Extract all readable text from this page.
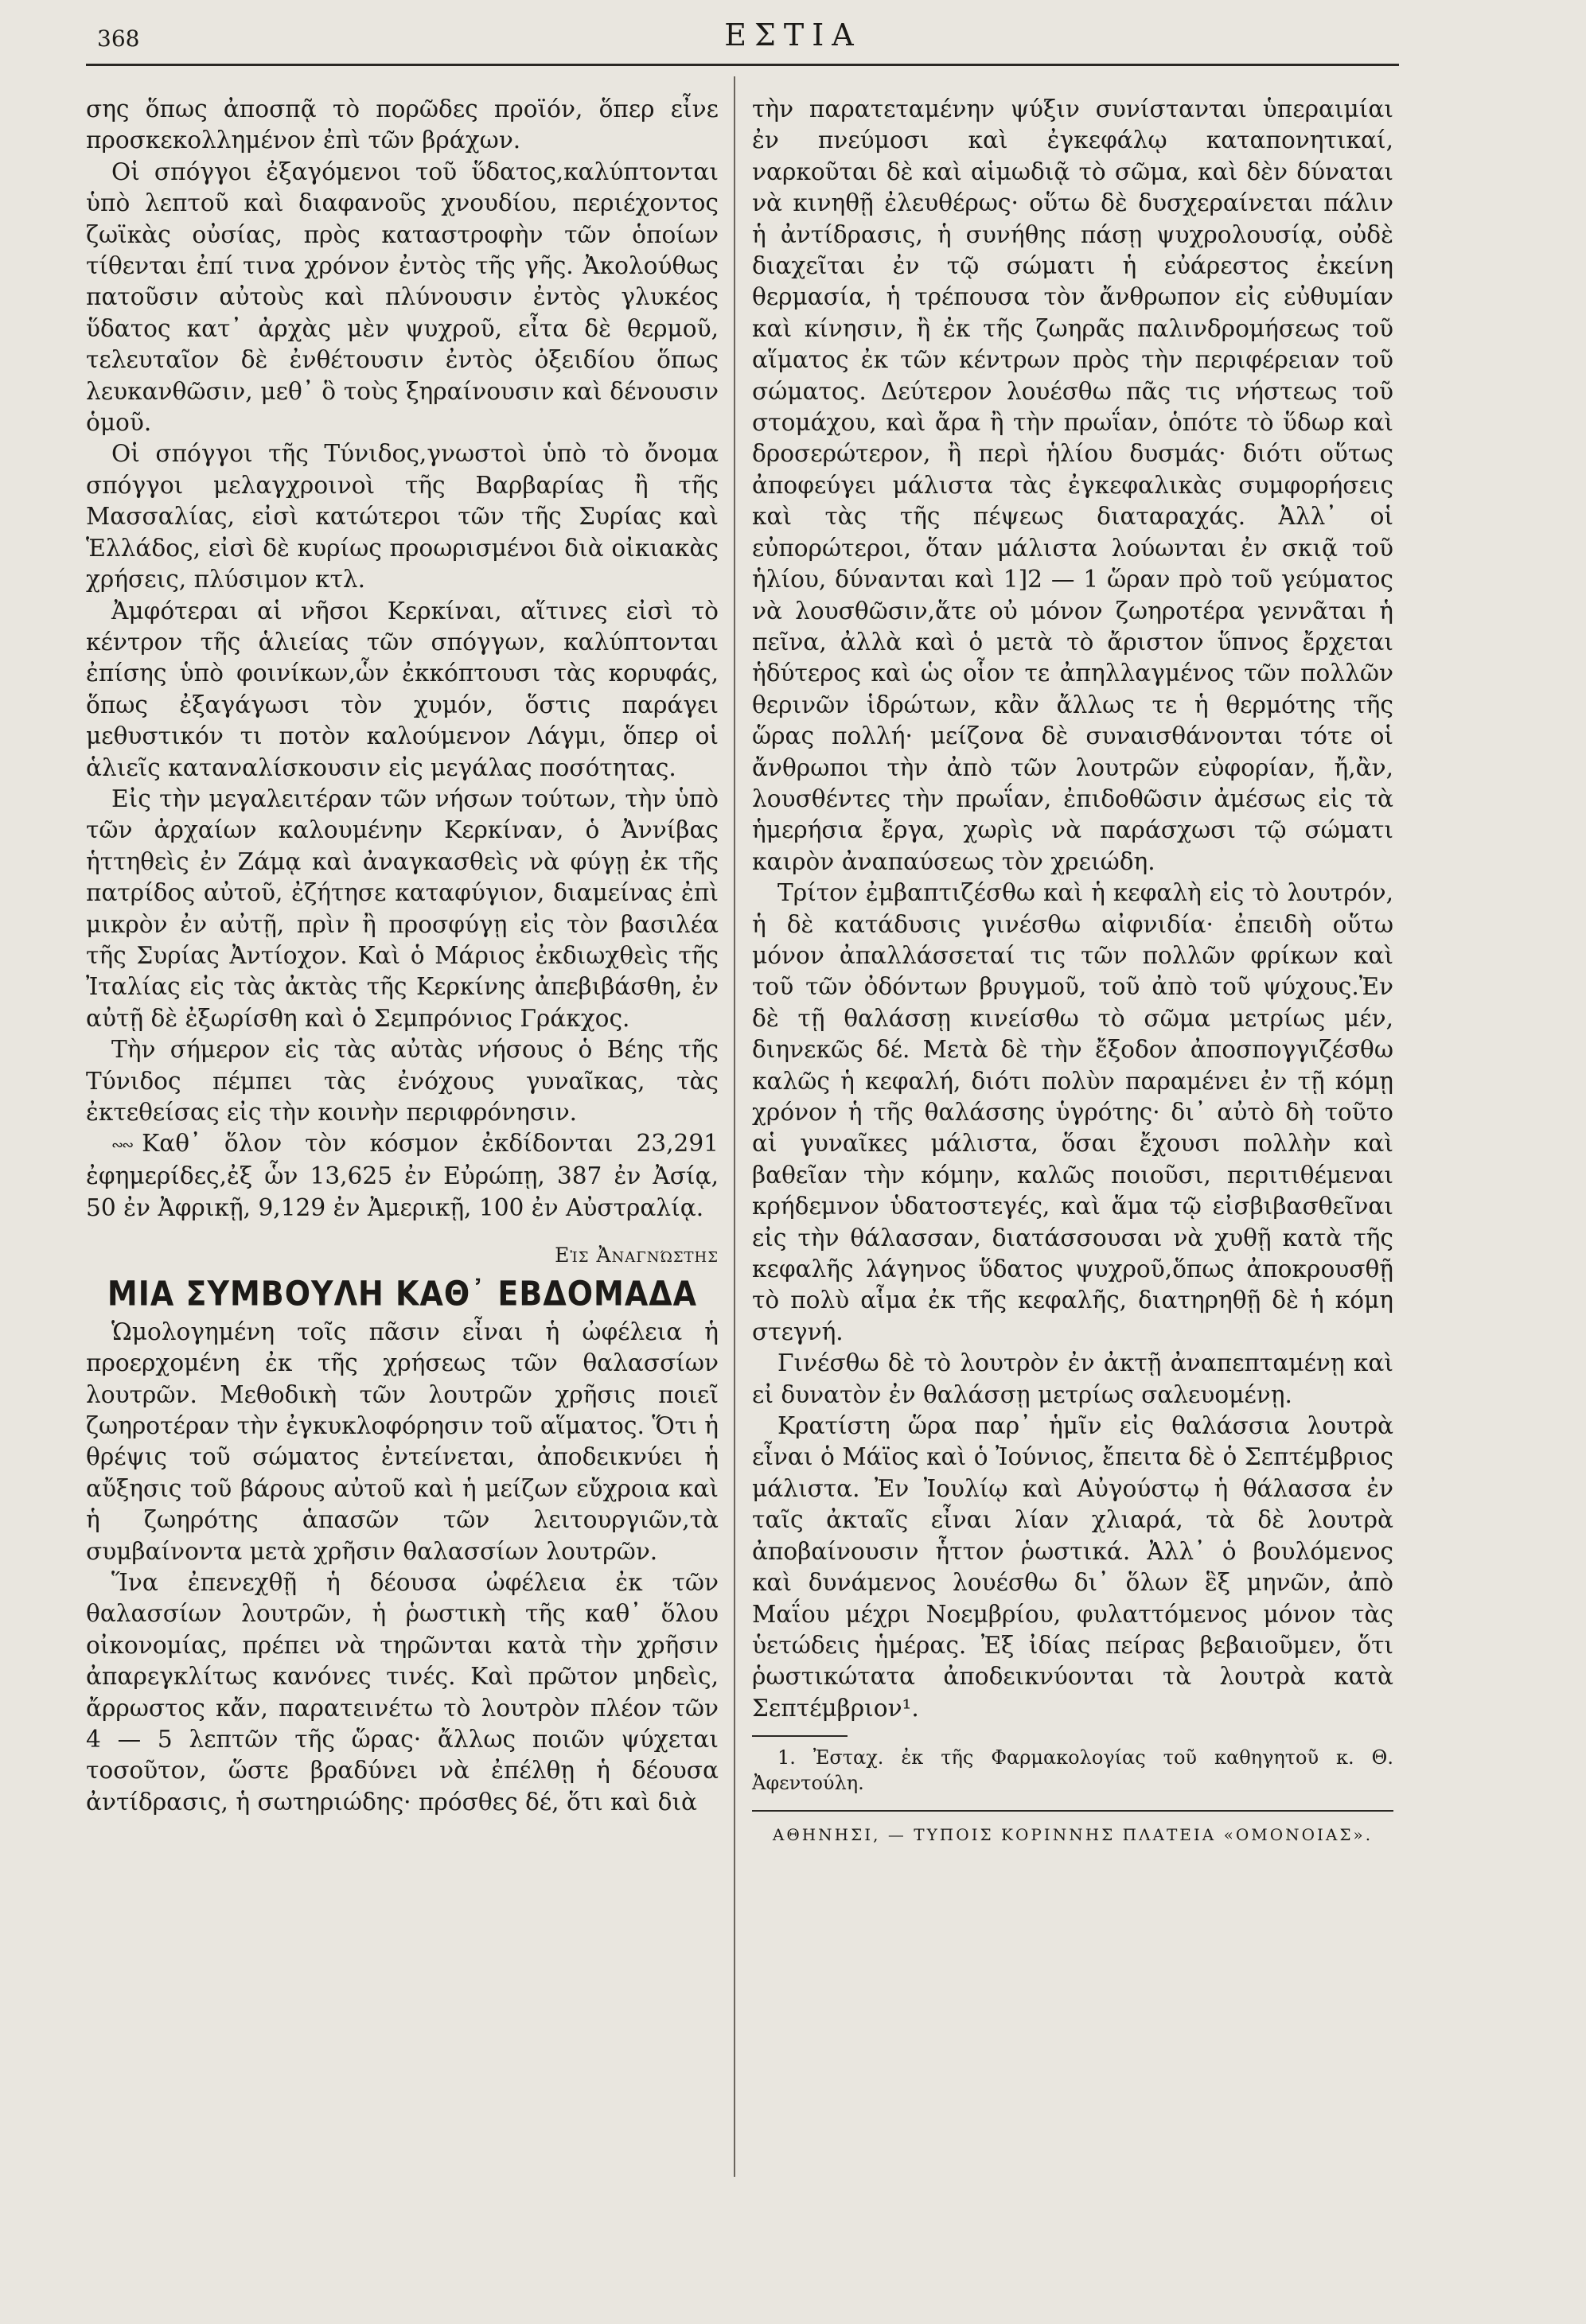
368	ΕΣΤΙΑ

σης ὅπως ἀποσπᾷ τὸ πορῶδες προϊόν, ὅπερ εἶνε προσκεκολλημένον ἐπὶ τῶν βράχων.

Οἱ σπόγγοι ἐξαγόμενοι τοῦ ὕδατος,καλύπτονται ὑπὸ λεπτοῦ καὶ διαφανοῦς χνουδίου, περιέχοντος ζωϊκὰς οὐσίας, πρὸς καταστροφὴν τῶν ὁποίων τίθενται ἐπί τινα χρόνον ἐντὸς τῆς γῆς. Ἀκολούθως πατοῦσιν αὐτοὺς καὶ πλύνουσιν ἐντὸς γλυκέος ὕδατος κατ᾽ ἀρχὰς μὲν ψυχροῦ, εἶτα δὲ θερμοῦ, τελευταῖον δὲ ἐνθέτουσιν ἐντὸς ὀξειδίου ὅπως λευκανθῶσιν, μεθ᾽ ὃ τοὺς ξηραίνουσιν καὶ δένουσιν ὁμοῦ.

Οἱ σπόγγοι τῆς Τύνιδος,γνωστοὶ ὑπὸ τὸ ὄνομα σπόγγοι μελαγχροινοὶ τῆς Βαρβαρίας ἢ τῆς Μασσαλίας, εἰσὶ κατώτεροι τῶν τῆς Συρίας καὶ Ἑλλάδος, εἰσὶ δὲ κυρίως προωρισμένοι διὰ οἰκιακὰς χρήσεις, πλύσιμον κτλ.

Ἀμφότεραι αἱ νῆσοι Κερκίναι, αἵτινες εἰσὶ τὸ κέντρον τῆς ἁλιείας τῶν σπόγγων, καλύπτονται ἐπίσης ὑπὸ φοινίκων,ὧν ἐκκόπτουσι τὰς κορυφάς, ὅπως ἐξαγάγωσι τὸν χυμόν, ὅστις παράγει μεθυστικόν τι ποτὸν καλούμενον Λάγμι, ὅπερ οἱ ἁλιεῖς καταναλίσκουσιν εἰς μεγάλας ποσότητας.

Εἰς τὴν μεγαλειτέραν τῶν νήσων τούτων, τὴν ὑπὸ τῶν ἀρχαίων καλουμένην Κερκίναν, ὁ Ἀννίβας ἡττηθεὶς ἐν Ζάμᾳ καὶ ἀναγκασθεὶς νὰ φύγῃ ἐκ τῆς πατρίδος αὐτοῦ, ἐζήτησε καταφύγιον, διαμείνας ἐπὶ μικρὸν ἐν αὐτῇ, πρὶν ἢ προσφύγῃ εἰς τὸν βασιλέα τῆς Συρίας Ἀντίοχον. Καὶ ὁ Μάριος ἐκδιωχθεὶς τῆς Ἰταλίας εἰς τὰς ἀκτὰς τῆς Κερκίνης ἀπεβιβάσθη, ἐν αὐτῇ δὲ ἐξωρίσθη καὶ ὁ Σεμπρόνιος Γράκχος.

Τὴν σήμερον εἰς τὰς αὐτὰς νήσους ὁ Βέης τῆς Τύνιδος πέμπει τὰς ἐνόχους γυναῖκας, τὰς ἐκτεθείσας εἰς τὴν κοινὴν περιφρόνησιν.

∾∾ Καθ᾽ ὅλον τὸν κόσμον ἐκδίδονται 23,291 ἐφημερίδες,ἐξ ὧν 13,625 ἐν Εὐρώπῃ, 387 ἐν Ἀσίᾳ, 50 ἐν Ἀφρικῇ, 9,129 ἐν Ἀμερικῇ, 100 ἐν Αὐστραλίᾳ.

Εἰς Ἀναγνώστης
ΜΙΑ ΣΥΜΒΟΥΛΗ ΚΑΘ᾽ ΕΒΔΟΜΑΔΑ

Ὡμολογημένη τοῖς πᾶσιν εἶναι ἡ ὠφέλεια ἡ προερχομένη ἐκ τῆς χρήσεως τῶν θαλασσίων λουτρῶν. Μεθοδικὴ τῶν λουτρῶν χρῆσις ποιεῖ ζωηροτέραν τὴν ἐγκυκλοφόρησιν τοῦ αἵματος. Ὅτι ἡ θρέψις τοῦ σώματος ἐντείνεται, ἀποδεικνύει ἡ αὔξησις τοῦ βάρους αὐτοῦ καὶ ἡ μείζων εὔχροια καὶ ἡ ζωηρότης ἁπασῶν τῶν λειτουργιῶν,τὰ συμβαίνοντα μετὰ χρῆσιν θαλασσίων λουτρῶν.

Ἵνα ἐπενεχθῇ ἡ δέουσα ὠφέλεια ἐκ τῶν θαλασσίων λουτρῶν, ἡ ῥωστικὴ τῆς καθ᾽ ὅλου οἰκονομίας, πρέπει νὰ τηρῶνται κατὰ τὴν χρῆσιν ἀπαρεγκλίτως κανόνες τινές. Καὶ πρῶτον μηδεὶς, ἄρρωστος κἄν, παρατεινέτω τὸ λουτρὸν πλέον τῶν 4 — 5 λεπτῶν τῆς ὥρας· ἄλλως ποιῶν ψύχεται τοσοῦτον, ὥστε βραδύνει νὰ ἐπέλθῃ ἡ δέουσα ἀντίδρασις, ἡ σωτηριώδης· πρόσθες δέ, ὅτι καὶ διὰ

τὴν παρατεταμένην ψύξιν συνίστανται ὑπεραιμίαι ἐν πνεύμοσι καὶ ἐγκεφάλῳ καταπονητικαί, ναρκοῦται δὲ καὶ αἱμωδιᾷ τὸ σῶμα, καὶ δὲν δύναται νὰ κινηθῇ ἐλευθέρως· οὕτω δὲ δυσχεραίνεται πάλιν ἡ ἀντίδρασις, ἡ συνήθης πάσῃ ψυχρολουσίᾳ, οὐδὲ διαχεῖται ἐν τῷ σώματι ἡ εὐάρεστος ἐκείνη θερμασία, ἡ τρέπουσα τὸν ἄνθρωπον εἰς εὐθυμίαν καὶ κίνησιν, ἢ ἐκ τῆς ζωηρᾶς παλινδρομήσεως τοῦ αἵματος ἐκ τῶν κέντρων πρὸς τὴν περιφέρειαν τοῦ σώματος. Δεύτερον λουέσθω πᾶς τις νήστεως τοῦ στομάχου, καὶ ἄρα ἢ τὴν πρωΐαν, ὁπότε τὸ ὕδωρ καὶ δροσερώτερον, ἢ περὶ ἡλίου δυσμάς· διότι οὕτως ἀποφεύγει μάλιστα τὰς ἐγκεφαλικὰς συμφορήσεις καὶ τὰς τῆς πέψεως διαταραχάς. Ἀλλ᾽ οἱ εὐπορώτεροι, ὅταν μάλιστα λούωνται ἐν σκιᾷ τοῦ ἡλίου, δύνανται καὶ 1]2 — 1 ὥραν πρὸ τοῦ γεύματος νὰ λουσθῶσιν,ἅτε οὐ μόνον ζωηροτέρα γεννᾶται ἡ πεῖνα, ἀλλὰ καὶ ὁ μετὰ τὸ ἄριστον ὕπνος ἔρχεται ἡδύτερος καὶ ὡς οἷον τε ἀπηλλαγμένος τῶν πολλῶν θερινῶν ἱδρώτων, κἂν ἄλλως τε ἡ θερμότης τῆς ὥρας πολλή· μείζονα δὲ συναισθάνονται τότε οἱ ἄνθρωποι τὴν ἀπὸ τῶν λουτρῶν εὐφορίαν, ἤ,ἂν, λουσθέντες τὴν πρωΐαν, ἐπιδοθῶσιν ἀμέσως εἰς τὰ ἡμερήσια ἔργα, χωρὶς νὰ παράσχωσι τῷ σώματι καιρὸν ἀναπαύσεως τὸν χρειώδη.

Τρίτον ἐμβαπτιζέσθω καὶ ἡ κεφαλὴ εἰς τὸ λουτρόν, ἡ δὲ κατάδυσις γινέσθω αἰφνιδία· ἐπειδὴ οὕτω μόνον ἀπαλλάσσεταί τις τῶν πολλῶν φρίκων καὶ τοῦ τῶν ὀδόντων βρυγμοῦ, τοῦ ἀπὸ τοῦ ψύχους.Ἐν δὲ τῇ θαλάσσῃ κινείσθω τὸ σῶμα μετρίως μέν, διηνεκῶς δέ. Μετὰ δὲ τὴν ἔξοδον ἀποσπογγιζέσθω καλῶς ἡ κεφαλή, διότι πολὺν παραμένει ἐν τῇ κόμῃ χρόνον ἡ τῆς θαλάσσης ὑγρότης· δι᾽ αὐτὸ δὴ τοῦτο αἱ γυναῖκες μάλιστα, ὅσαι ἔχουσι πολλὴν καὶ βαθεῖαν τὴν κόμην, καλῶς ποιοῦσι, περιτιθέμεναι κρήδεμνον ὑδατοστεγές, καὶ ἅμα τῷ εἰσβιβασθεῖναι εἰς τὴν θάλασσαν, διατάσσουσαι νὰ χυθῇ κατὰ τῆς κεφαλῆς λάγηνος ὕδατος ψυχροῦ,ὅπως ἀποκρουσθῇ τὸ πολὺ αἷμα ἐκ τῆς κεφαλῆς, διατηρηθῇ δὲ ἡ κόμη στεγνή.

Γινέσθω δὲ τὸ λουτρὸν ἐν ἀκτῇ ἀναπεπταμένῃ καὶ εἰ δυνατὸν ἐν θαλάσσῃ μετρίως σαλευομένῃ.

Κρατίστη ὥρα παρ᾽ ἡμῖν εἰς θαλάσσια λουτρὰ εἶναι ὁ Μάϊος καὶ ὁ Ἰούνιος, ἔπειτα δὲ ὁ Σεπτέμβριος μάλιστα. Ἐν Ἰουλίῳ καὶ Αὐγούστῳ ἡ θάλασσα ἐν ταῖς ἀκταῖς εἶναι λίαν χλιαρά, τὰ δὲ λουτρὰ ἀποβαίνουσιν ἧττον ῥωστικά. Ἀλλ᾽ ὁ βουλόμενος καὶ δυνάμενος λουέσθω δι᾽ ὅλων ἓξ μηνῶν, ἀπὸ Μαΐου μέχρι Νοεμβρίου, φυλαττόμενος μόνον τὰς ὑετώδεις ἡμέρας. Ἐξ ἰδίας πείρας βεβαιοῦμεν, ὅτι ῥωστικώτατα ἀποδεικνύονται τὰ λουτρὰ κατὰ Σεπτέμβριον¹.

1. Ἐσταχ. ἐκ τῆς Φαρμακολογίας τοῦ καθηγητοῦ κ. Θ. Ἀφεντούλη.

ΑΘΗΝΗΣΙ, — ΤΥΠΟΙΣ ΚΟΡΙΝΝΗΣ ΠΛΑΤΕΙΑ «ΟΜΟΝΟΙΑΣ».
